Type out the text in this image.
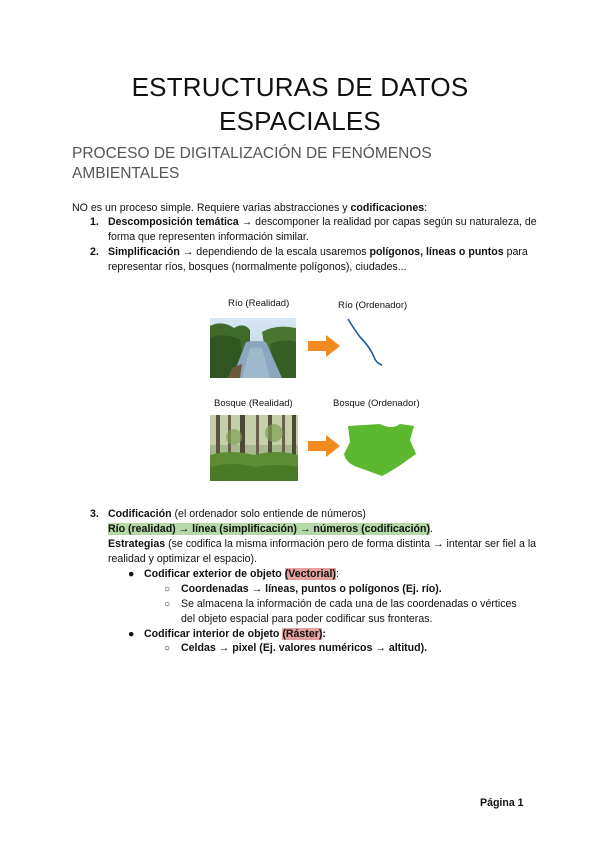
ESTRUCTURAS DE DATOS
ESPACIALES
PROCESO DE DIGITALIZACIÓN DE FENÓMENOS AMBIENTALES
NO es un proceso simple. Requiere varias abstracciones y codificaciones:
1. Descomposición temática → descomponer la realidad por capas según su naturaleza, de forma que representen información similar.
2. Simplificación → dependiendo de la escala usaremos polígonos, líneas o puntos para representar ríos, bosques (normalmente polígonos), ciudades...
Río (Realidad)	Río (Ordenador)
Bosque (Realidad)	Bosque (Ordenador)
3. Codificación (el ordenador solo entiende de números)
Río (realidad) → línea (simplificación) → números (codificación).
Estrategias (se codifica la misma información pero de forma distinta → intentar ser fiel a la realidad y optimizar el espacio).
● Codificar exterior de objeto (Vectorial):
○ Coordenadas → líneas, puntos o polígonos (Ej. río).
○ Se almacena la información de cada una de las coordenadas o vértices del objeto espacial para poder codificar sus fronteras.
● Codificar interior de objeto (Ráster):
○ Celdas → pixel (Ej. valores numéricos → altitud).
Página 1
